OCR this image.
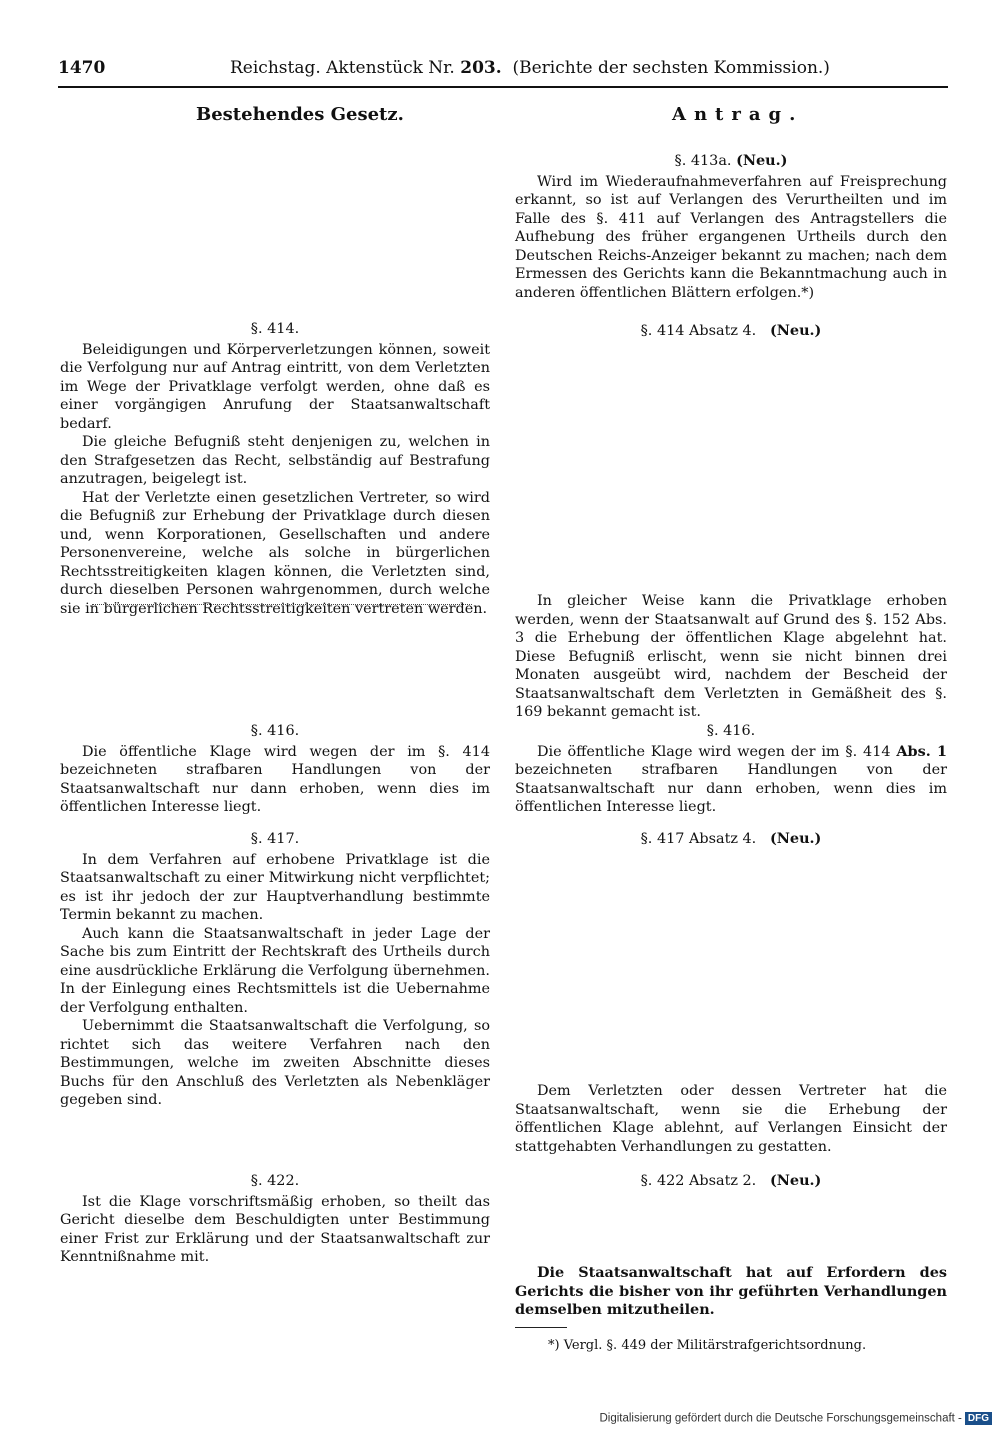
1470	Reichstag. Aktenstück Nr. 203. (Berichte der sechsten Kommission.)
Bestehendes Gesetz.	Antrag.

§. 414.

Beleidigungen und Körperverletzungen können, soweit die Verfolgung nur auf Antrag eintritt, von dem Verletzten im Wege der Privatklage verfolgt werden, ohne daß es einer vorgängigen Anrufung der Staatsanwaltschaft bedarf.

Die gleiche Befugniß steht denjenigen zu, welchen in den Strafgesetzen das Recht, selbständig auf Bestrafung anzutragen, beigelegt ist.

Hat der Verletzte einen gesetzlichen Vertreter, so wird die Befugniß zur Erhebung der Privatklage durch diesen und, wenn Korporationen, Gesellschaften und andere Personenvereine, welche als solche in bürgerlichen Rechtsstreitigkeiten klagen können, die Verletzten sind, durch dieselben Personen wahrgenommen, durch welche sie in bürgerlichen Rechtsstreitigkeiten vertreten werden.

§. 416.

Die öffentliche Klage wird wegen der im §. 414 bezeichneten strafbaren Handlungen von der Staatsanwaltschaft nur dann erhoben, wenn dies im öffentlichen Interesse liegt.

§. 417.

In dem Verfahren auf erhobene Privatklage ist die Staatsanwaltschaft zu einer Mitwirkung nicht verpflichtet; es ist ihr jedoch der zur Hauptverhandlung bestimmte Termin bekannt zu machen.

Auch kann die Staatsanwaltschaft in jeder Lage der Sache bis zum Eintritt der Rechtskraft des Urtheils durch eine ausdrückliche Erklärung die Verfolgung übernehmen. In der Einlegung eines Rechtsmittels ist die Uebernahme der Verfolgung enthalten.

Uebernimmt die Staatsanwaltschaft die Verfolgung, so richtet sich das weitere Verfahren nach den Bestimmungen, welche im zweiten Abschnitte dieses Buchs für den Anschluß des Verletzten als Nebenkläger gegeben sind.

§. 422.

Ist die Klage vorschriftsmäßig erhoben, so theilt das Gericht dieselbe dem Beschuldigten unter Bestimmung einer Frist zur Erklärung und der Staatsanwaltschaft zur Kenntnißnahme mit.

§. 413a. (Neu.)

Wird im Wiederaufnahmeverfahren auf Freisprechung erkannt, so ist auf Verlangen des Verurtheilten und im Falle des §. 411 auf Verlangen des Antragstellers die Aufhebung des früher ergangenen Urtheils durch den Deutschen Reichs-Anzeiger bekannt zu machen; nach dem Ermessen des Gerichts kann die Bekanntmachung auch in anderen öffentlichen Blättern erfolgen.*)

§. 414 Absatz 4. (Neu.)

In gleicher Weise kann die Privatklage erhoben werden, wenn der Staatsanwalt auf Grund des §. 152 Abs. 3 die Erhebung der öffentlichen Klage abgelehnt hat. Diese Befugniß erlischt, wenn sie nicht binnen drei Monaten ausgeübt wird, nachdem der Bescheid der Staatsanwaltschaft dem Verletzten in Gemäßheit des §. 169 bekannt gemacht ist.

§. 416.

Die öffentliche Klage wird wegen der im §. 414 Abs. 1 bezeichneten strafbaren Handlungen von der Staatsanwaltschaft nur dann erhoben, wenn dies im öffentlichen Interesse liegt.

§. 417 Absatz 4. (Neu.)

Dem Verletzten oder dessen Vertreter hat die Staatsanwaltschaft, wenn sie die Erhebung der öffentlichen Klage ablehnt, auf Verlangen Einsicht der stattgehabten Verhandlungen zu gestatten.

§. 422 Absatz 2. (Neu.)

Die Staatsanwaltschaft hat auf Erfordern des Gerichts die bisher von ihr geführten Verhandlungen demselben mitzutheilen.

*) Vergl. §. 449 der Militärstrafgerichtsordnung.
Digitalisierung gefördert durch die Deutsche Forschungsgemeinschaft - DFG
